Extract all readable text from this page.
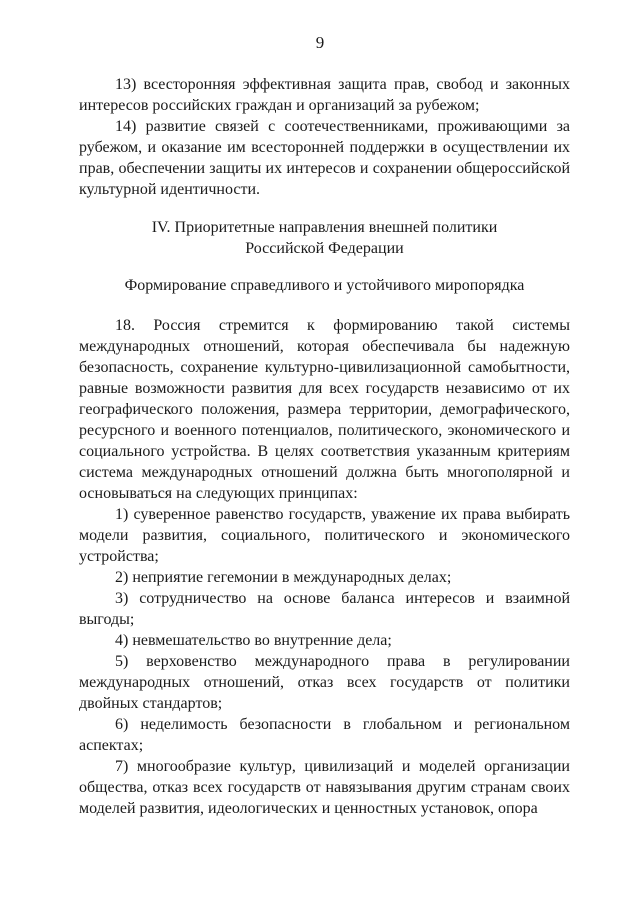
9

13) всесторонняя эффективная защита прав, свобод и законных интересов российских граждан и организаций за рубежом;

14) развитие связей с соотечественниками, проживающими за рубежом, и оказание им всесторонней поддержки в осуществлении их прав, обеспечении защиты их интересов и сохранении общероссийской культурной идентичности.

IV. Приоритетные направления внешней политики

Российской Федерации

Формирование справедливого и устойчивого миропорядка

18. Россия стремится к формированию такой системы международных отношений, которая обеспечивала бы надежную безопасность, сохранение культурно-цивилизационной самобытности, равные возможности развития для всех государств независимо от их географического положения, размера территории, демографического, ресурсного и военного потенциалов, политического, экономического и социального устройства. В целях соответствия указанным критериям система международных отношений должна быть многополярной и основываться на следующих принципах:

1) суверенное равенство государств, уважение их права выбирать модели развития, социального, политического и экономического устройства;

2) неприятие гегемонии в международных делах;

3) сотрудничество на основе баланса интересов и взаимной выгоды;

4) невмешательство во внутренние дела;

5) верховенство международного права в регулировании международных отношений, отказ всех государств от политики двойных стандартов;

6) неделимость безопасности в глобальном и региональном аспектах;

7) многообразие культур, цивилизаций и моделей организации общества, отказ всех государств от навязывания другим странам своих моделей развития, идеологических и ценностных установок, опора
